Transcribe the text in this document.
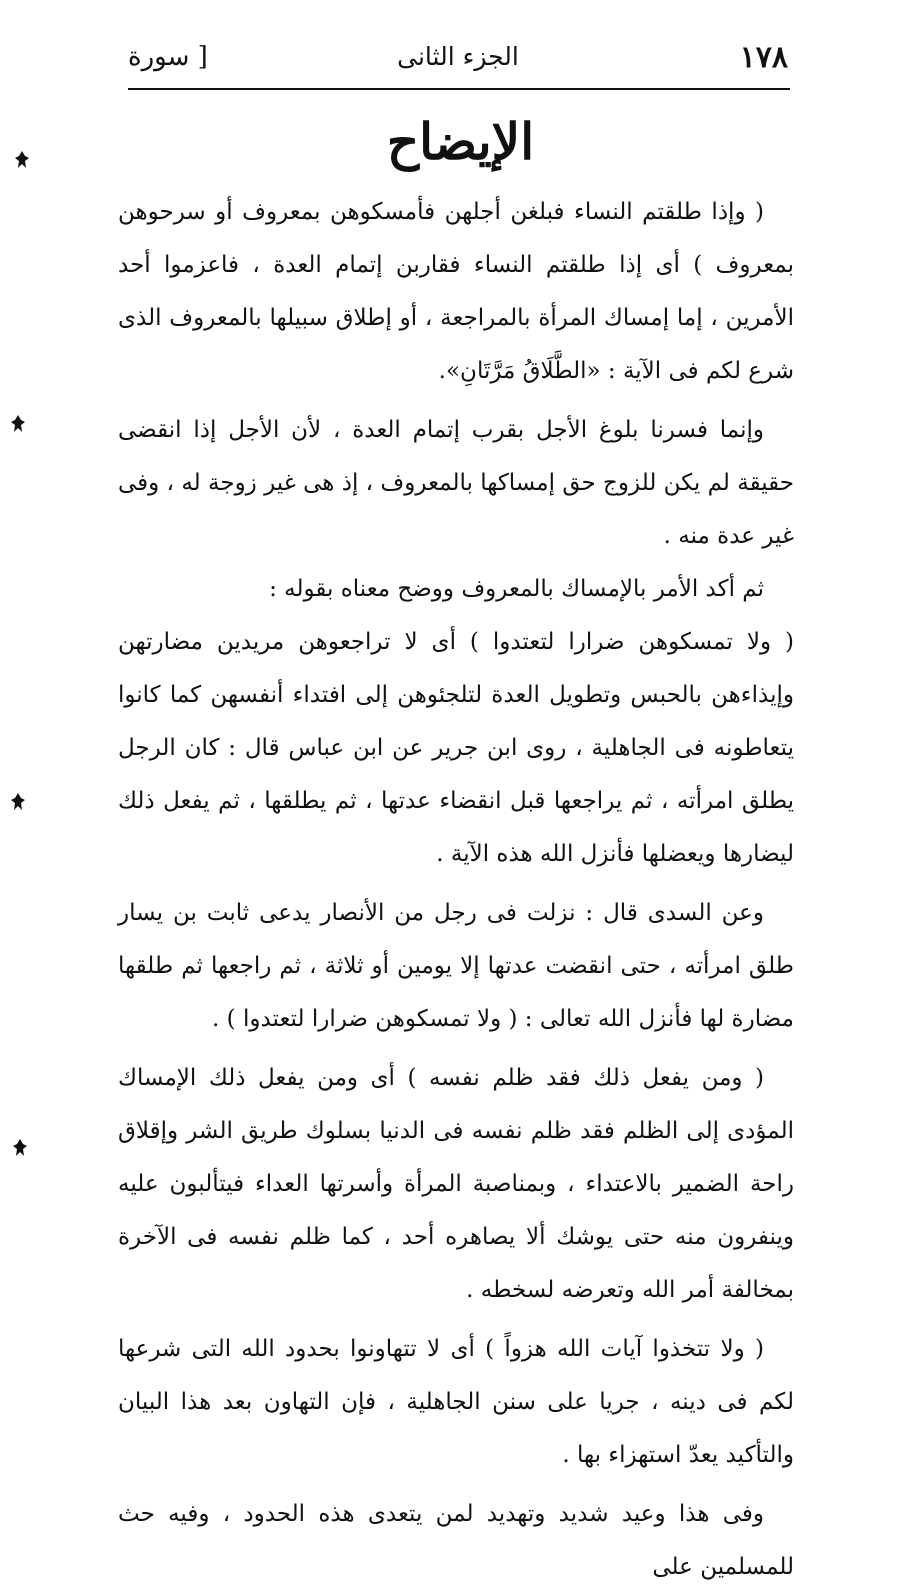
١٧٨
الجزء الثانى
[ سورة
الإيضاح

( وإذا طلقتم النساء فبلغن أجلهن فأمسكوهن بمعروف أو سرحوهن بمعروف ) أى إذا طلقتم النساء فقاربن إتمام العدة ، فاعزموا أحد الأمرين ، إما إمساك المرأة بالمراجعة ، أو إطلاق سبيلها بالمعروف الذى شرع لكم فى الآية : «الطَّلَاقُ مَرَّتَانِ».

وإنما فسرنا بلوغ الأجل بقرب إتمام العدة ، لأن الأجل إذا انقضى حقيقة لم يكن للزوج حق إمساكها بالمعروف ، إذ هى غير زوجة له ، وفى غير عدة منه .

ثم أكد الأمر بالإمساك بالمعروف ووضح معناه بقوله :

( ولا تمسكوهن ضرارا لتعتدوا ) أى لا تراجعوهن مريدين مضارتهن وإيذاءهن بالحبس وتطويل العدة لتلجئوهن إلى افتداء أنفسهن كما كانوا يتعاطونه فى الجاهلية ، روى ابن جرير عن ابن عباس قال : كان الرجل يطلق امرأته ، ثم يراجعها قبل انقضاء عدتها ، ثم يطلقها ، ثم يفعل ذلك ليضارها ويعضلها فأنزل الله هذه الآية .

وعن السدى قال : نزلت فى رجل من الأنصار يدعى ثابت بن يسار طلق امرأته ، حتى انقضت عدتها إلا يومين أو ثلاثة ، ثم راجعها ثم طلقها مضارة لها فأنزل الله تعالى : ( ولا تمسكوهن ضرارا لتعتدوا ) .

( ومن يفعل ذلك فقد ظلم نفسه ) أى ومن يفعل ذلك الإمساك المؤدى إلى الظلم فقد ظلم نفسه فى الدنيا بسلوك طريق الشر وإقلاق راحة الضمير بالاعتداء ، وبمناصبة المرأة وأسرتها العداء فيتألبون عليه وينفرون منه حتى يوشك ألا يصاهره أحد ، كما ظلم نفسه فى الآخرة بمخالفة أمر الله وتعرضه لسخطه .

( ولا تتخذوا آيات الله هزواً ) أى لا تتهاونوا بحدود الله التى شرعها لكم فى دينه ، جريا على سنن الجاهلية ، فإن التهاون بعد هذا البيان والتأكيد يعدّ استهزاء بها .

وفى هذا وعيد شديد وتهديد لمن يتعدى هذه الحدود ، وفيه حث للمسلمين على
